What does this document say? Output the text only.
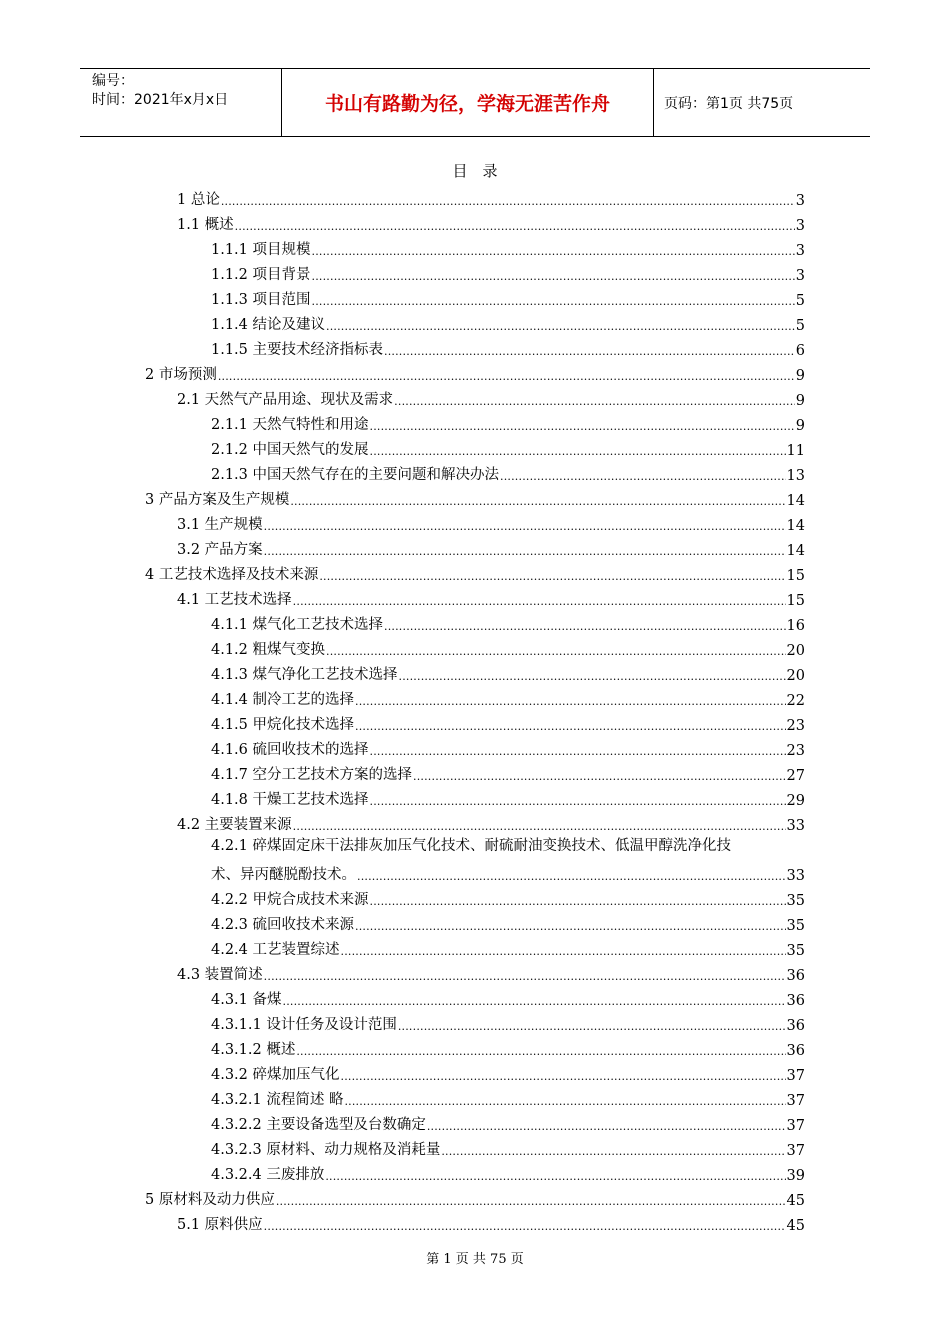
编号：
时间：2021年x月x日	书山有路勤为径，学海无涯苦作舟	页码：第1页 共75页
目　录
1 总论 .....	3
1.1 概述 .....	3
1.1.1 项目规模 .....	3
1.1.2 项目背景 .....	3
1.1.3 项目范围 .....	5
1.1.4 结论及建议 .....	5
1.1.5 主要技术经济指标表 .....	6
2 市场预测 .....	9
2.1 天然气产品用途、现状及需求 .....	9
2.1.1 天然气特性和用途 .....	9
2.1.2 中国天然气的发展 .....	11
2.1.3 中国天然气存在的主要问题和解决办法 .....	13
3 产品方案及生产规模 .....	14
3.1 生产规模 .....	14
3.2 产品方案 .....	14
4 工艺技术选择及技术来源 .....	15
4.1 工艺技术选择 .....	15
4.1.1 煤气化工艺技术选择 .....	16
4.1.2 粗煤气变换 .....	20
4.1.3 煤气净化工艺技术选择 .....	20
4.1.4 制冷工艺的选择 .....	22
4.1.5 甲烷化技术选择 .....	23
4.1.6 硫回收技术的选择 .....	23
4.1.7 空分工艺技术方案的选择 .....	27
4.1.8 干燥工艺技术选择 .....	29
4.2 主要装置来源 .....	33
4.2.1 碎煤固定床干法排灰加压气化技术、耐硫耐油变换技术、低温甲醇洗净化技
术、异丙醚脱酚技术。 .....	33
4.2.2 甲烷合成技术来源 .....	35
4.2.3 硫回收技术来源 .....	35
4.2.4 工艺装置综述 .....	35
4.3 装置简述 .....	36
4.3.1 备煤 .....	36
4.3.1.1 设计任务及设计范围 .....	36
4.3.1.2 概述 .....	36
4.3.2 碎煤加压气化 .....	37
4.3.2.1 流程简述 略 .....	37
4.3.2.2 主要设备选型及台数确定 .....	37
4.3.2.3 原材料、动力规格及消耗量 .....	37
4.3.2.4 三废排放 .....	39
5 原材料及动力供应 .....	45
5.1 原料供应 .....	45
第 1 页 共 75 页
